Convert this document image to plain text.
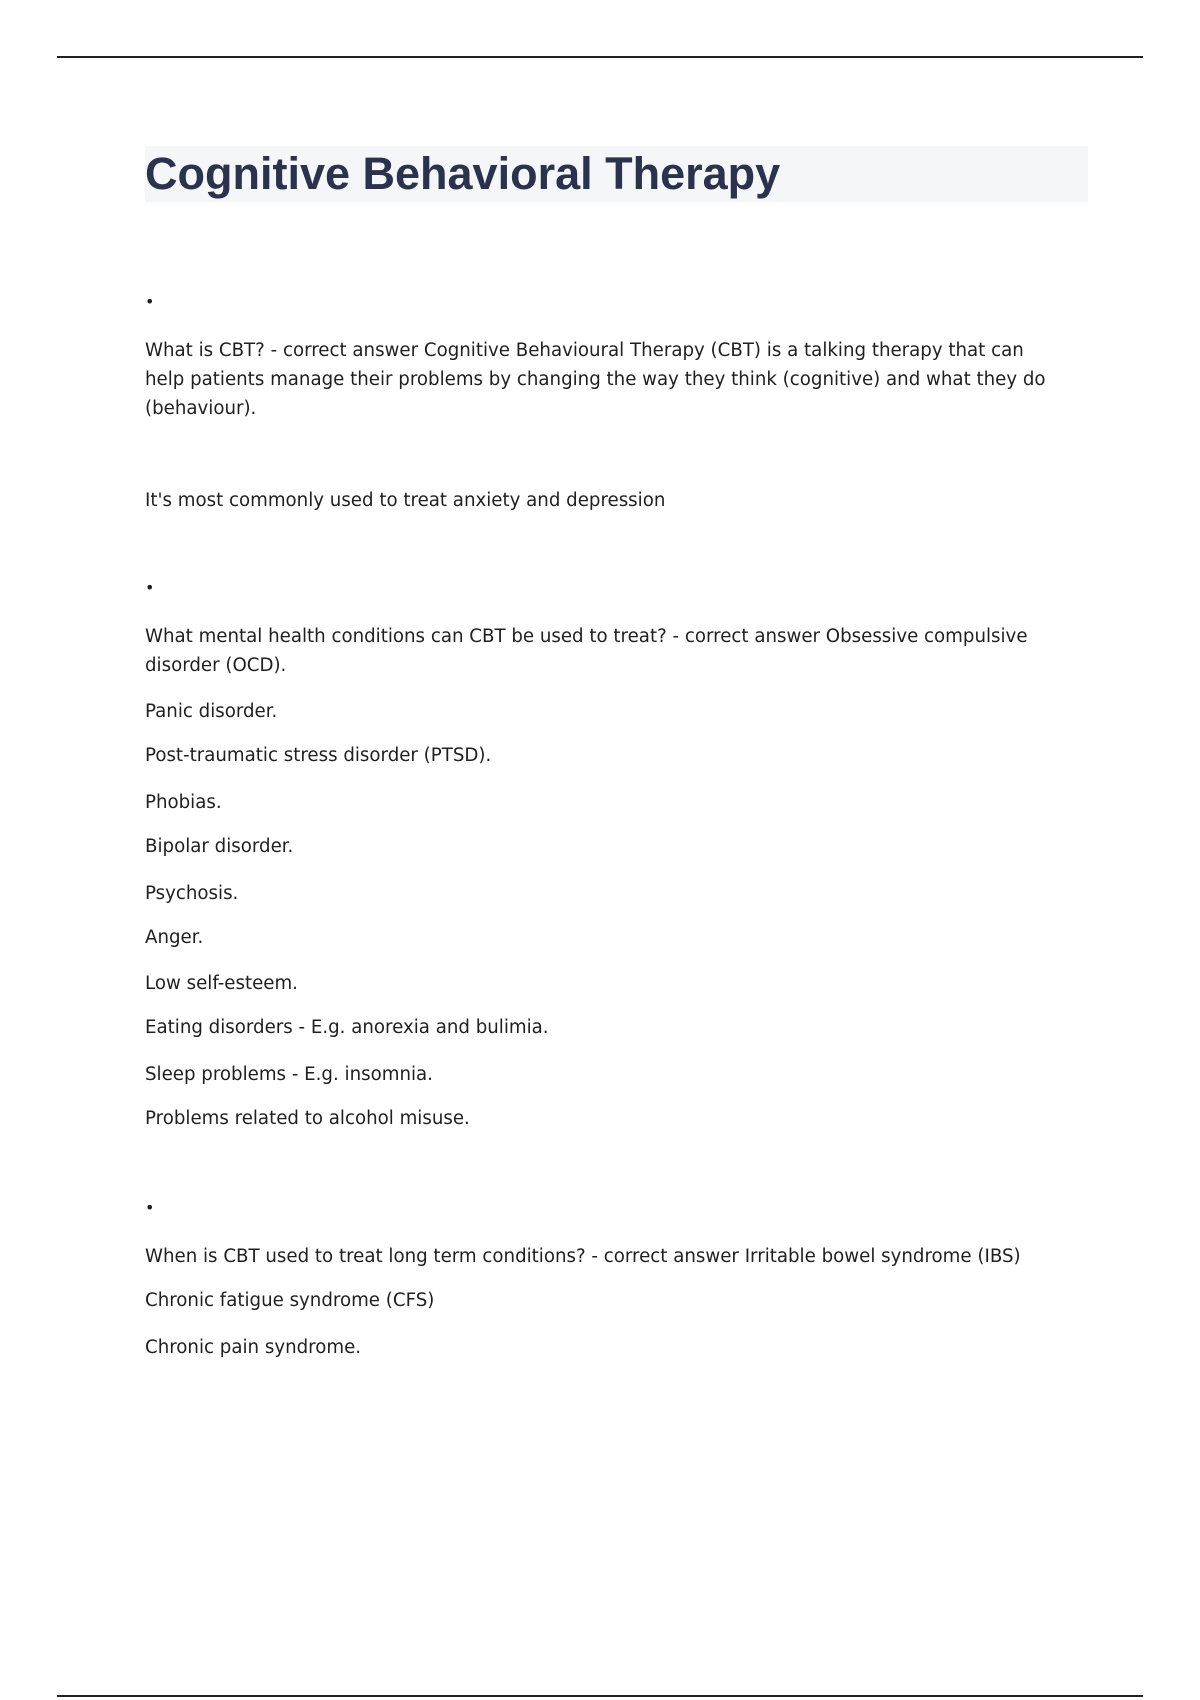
Cognitive Behavioral Therapy
•
What is CBT? - correct answer Cognitive Behavioural Therapy (CBT) is a talking therapy that can help patients manage their problems by changing the way they think (cognitive) and what they do (behaviour).
It's most commonly used to treat anxiety and depression
•
What mental health conditions can CBT be used to treat? - correct answer Obsessive compulsive disorder (OCD).
Panic disorder.
Post-traumatic stress disorder (PTSD).
Phobias.
Bipolar disorder.
Psychosis.
Anger.
Low self-esteem.
Eating disorders - E.g. anorexia and bulimia.
Sleep problems - E.g. insomnia.
Problems related to alcohol misuse.
•
When is CBT used to treat long term conditions? - correct answer Irritable bowel syndrome (IBS)
Chronic fatigue syndrome (CFS)
Chronic pain syndrome.
